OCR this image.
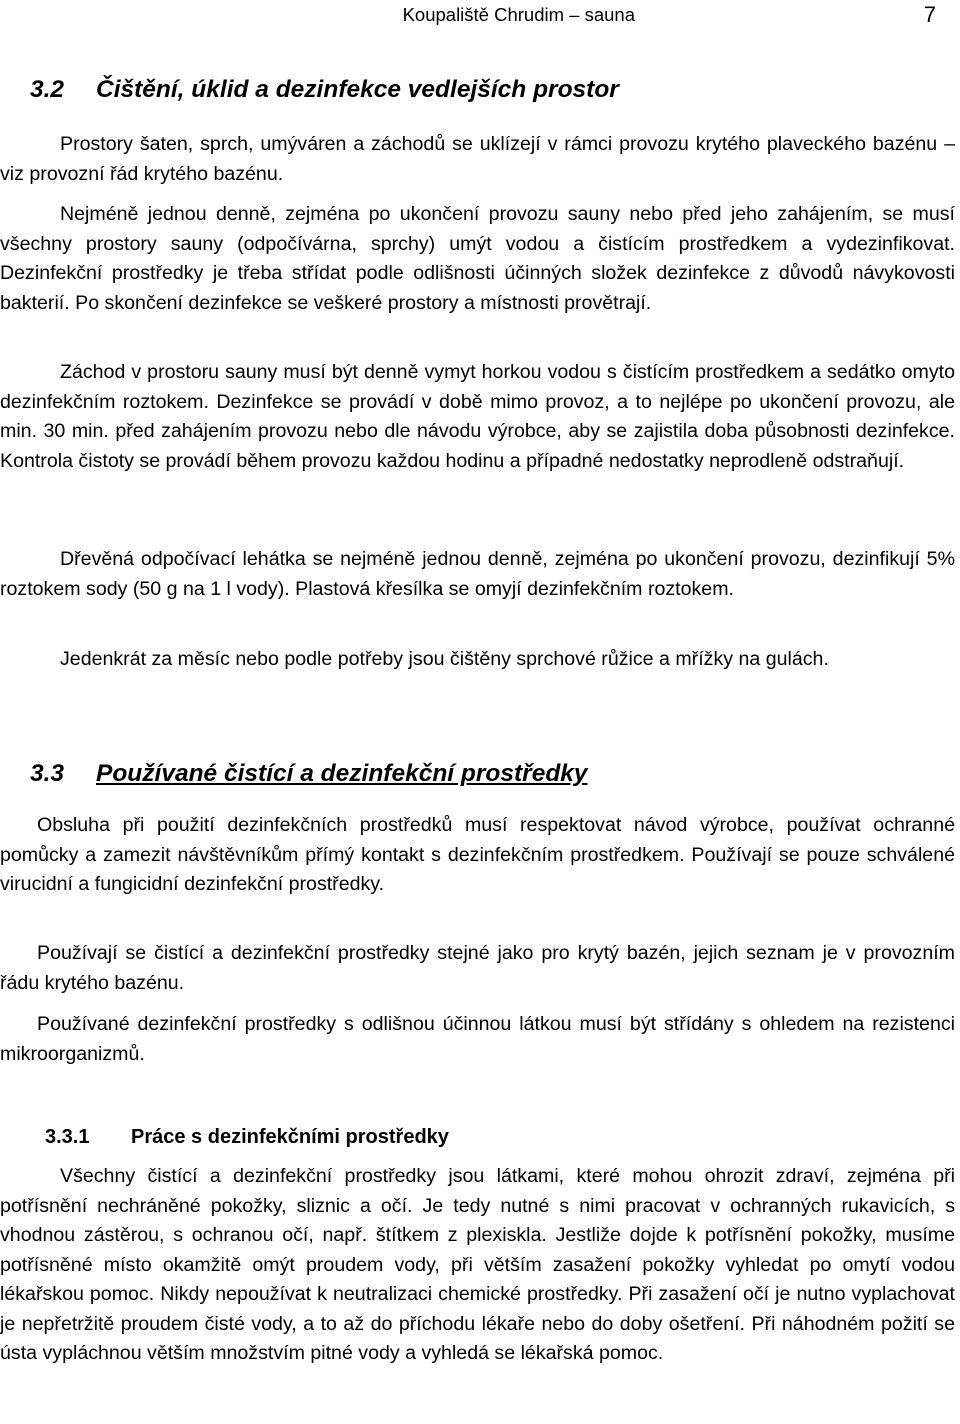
Koupaliště Chrudim – sauna	7
3.2 Čištění, úklid a dezinfekce vedlejších prostor

Prostory šaten, sprch, umýváren a záchodů se uklízejí v rámci provozu krytého plaveckého bazénu – viz provozní řád krytého bazénu.

Nejméně jednou denně, zejména po ukončení provozu sauny nebo před jeho zahájením, se musí všechny prostory sauny (odpočívárna, sprchy) umýt vodou a čistícím prostředkem a vydezinfikovat. Dezinfekční prostředky je třeba střídat podle odlišnosti účinných složek dezinfekce z důvodů návykovosti bakterií. Po skončení dezinfekce se veškeré prostory a místnosti provětrají.

Záchod v prostoru sauny musí být denně vymyt horkou vodou s čistícím prostředkem a sedátko omyto dezinfekčním roztokem. Dezinfekce se provádí v době mimo provoz, a to nejlépe po ukončení provozu, ale min. 30 min. před zahájením provozu nebo dle návodu výrobce, aby se zajistila doba působnosti dezinfekce. Kontrola čistoty se provádí během provozu každou hodinu a případné nedostatky neprodleně odstraňují.

Dřevěná odpočívací lehátka se nejméně jednou denně, zejména po ukončení provozu, dezinfikují 5% roztokem sody (50 g na 1 l vody). Plastová křesílka se omyjí dezinfekčním roztokem.

Jedenkrát za měsíc nebo podle potřeby jsou čištěny sprchové růžice a mřížky na gulách.

3.3 Používané čistící a dezinfekční prostředky

Obsluha při použití dezinfekčních prostředků musí respektovat návod výrobce, používat ochranné pomůcky a zamezit návštěvníkům přímý kontakt s dezinfekčním prostředkem. Používají se pouze schválené virucidní a fungicidní dezinfekční prostředky.

Používají se čistící a dezinfekční prostředky stejné jako pro krytý bazén, jejich seznam je v provozním řádu krytého bazénu.

Používané dezinfekční prostředky s odlišnou účinnou látkou musí být střídány s ohledem na rezistenci mikroorganizmů.

3.3.1 Práce s dezinfekčními prostředky

Všechny čistící a dezinfekční prostředky jsou látkami, které mohou ohrozit zdraví, zejména při potřísnění nechráněné pokožky, sliznic a očí. Je tedy nutné s nimi pracovat v ochranných rukavicích, s vhodnou zástěrou, s ochranou očí, např. štítkem z plexiskla. Jestliže dojde k potřísnění pokožky, musíme potřísněné místo okamžitě omýt proudem vody, při větším zasažení pokožky vyhledat po omytí vodou lékařskou pomoc. Nikdy nepoužívat k neutralizaci chemické prostředky. Při zasažení očí je nutno vyplachovat je nepřetržitě proudem čisté vody, a to až do příchodu lékaře nebo do doby ošetření. Při náhodném požití se ústa vypláchnou větším množstvím pitné vody a vyhledá se lékařská pomoc.
